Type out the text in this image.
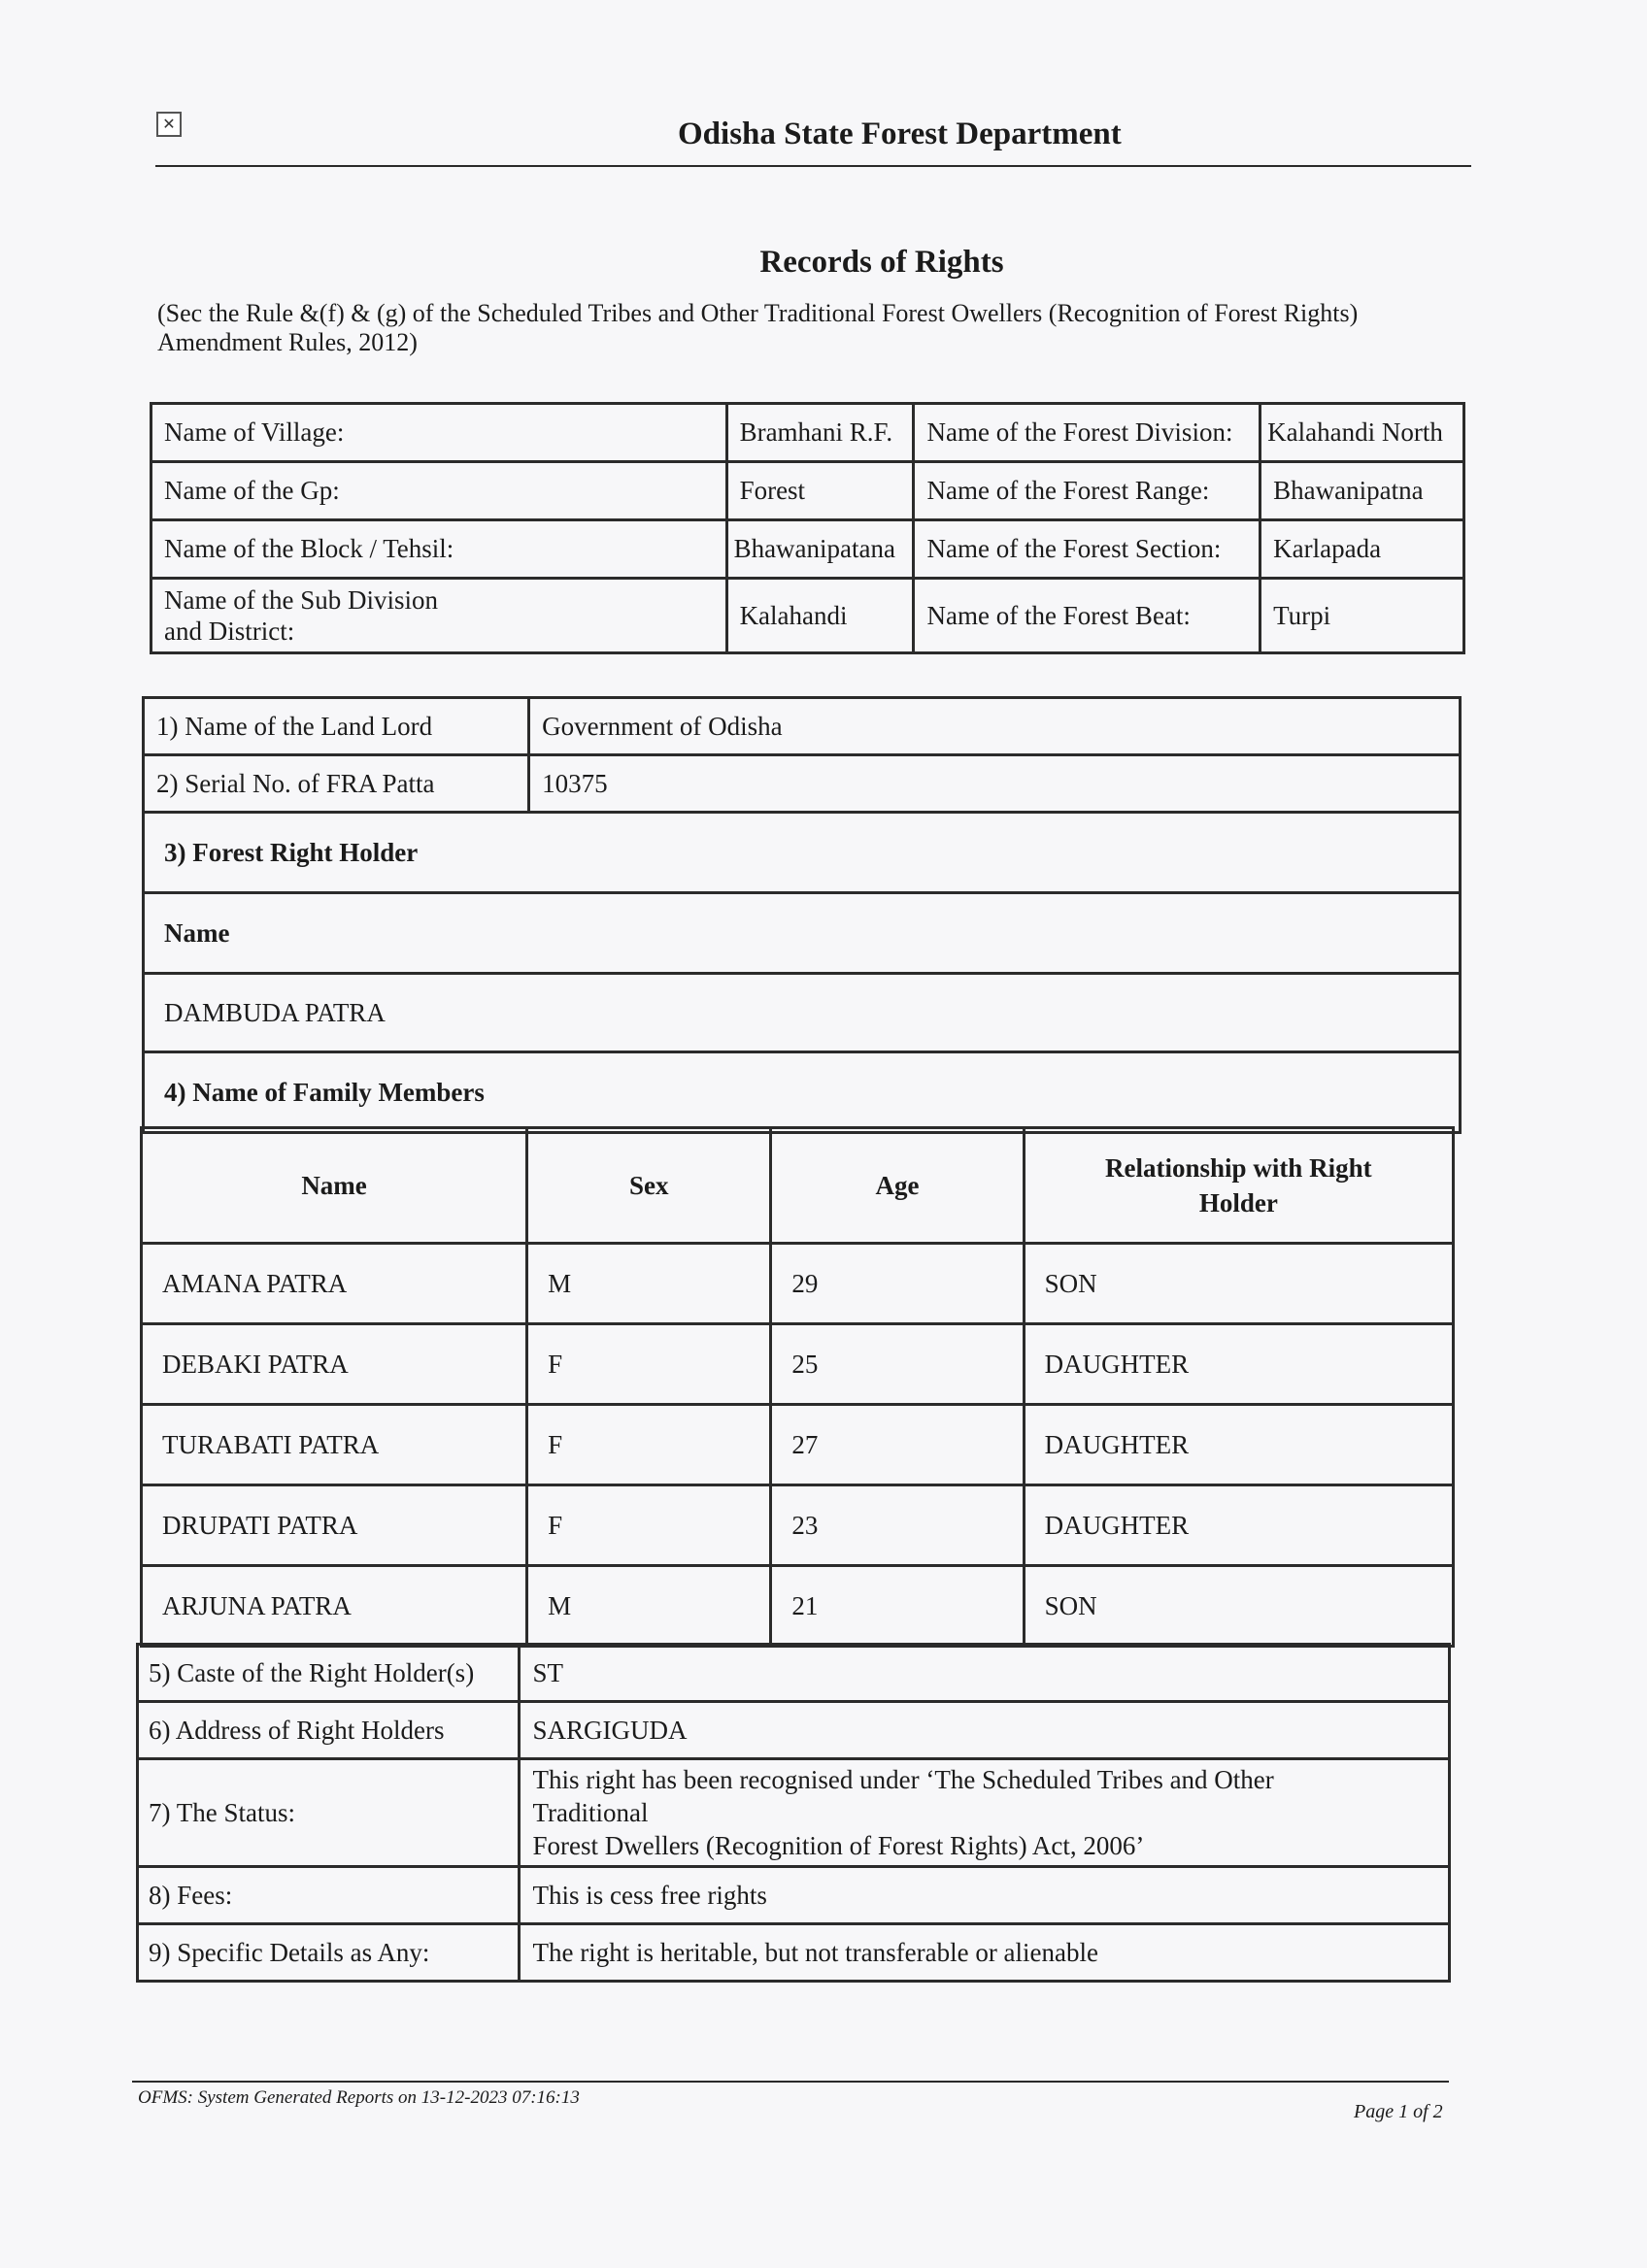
✕	Odisha State Forest Department
Records of Rights
(Sec the Rule &(f) & (g) of the Scheduled Tribes and Other Traditional Forest Owellers (Recognition of Forest Rights) Amendment Rules, 2012)
Name of Village:	Bramhani R.F.	Name of the Forest Division:	Kalahandi North
Name of the Gp:	Forest	Name of the Forest Range:	Bhawanipatna
Name of the Block / Tehsil:	Bhawanipatana	Name of the Forest Section:	Karlapada
Name of the Sub Division and District:	Kalahandi	Name of the Forest Beat:	Turpi
1) Name of the Land Lord	Government of Odisha
2) Serial No. of FRA Patta	10375
3) Forest Right Holder	
Name	
DAMBUDA PATRA	
4) Name of Family Members	
Name	Sex	Age	Relationship with Right Holder
AMANA PATRA	M	29	SON
DEBAKI PATRA	F	25	DAUGHTER
TURABATI PATRA	F	27	DAUGHTER
DRUPATI PATRA	F	23	DAUGHTER
ARJUNA PATRA	M	21	SON
5) Caste of the Right Holder(s)	ST
6) Address of Right Holders	SARGIGUDA
7) The Status:	This right has been recognised under ‘The Scheduled Tribes and Other Traditional
Forest Dwellers (Recognition of Forest Rights) Act, 2006’

8) Fees:	This is cess free rights
9) Specific Details as Any:	The right is heritable, but not transferable or alienable
OFMS: System Generated Reports on 13-12-2023 07:16:13
Page 1 of 2
